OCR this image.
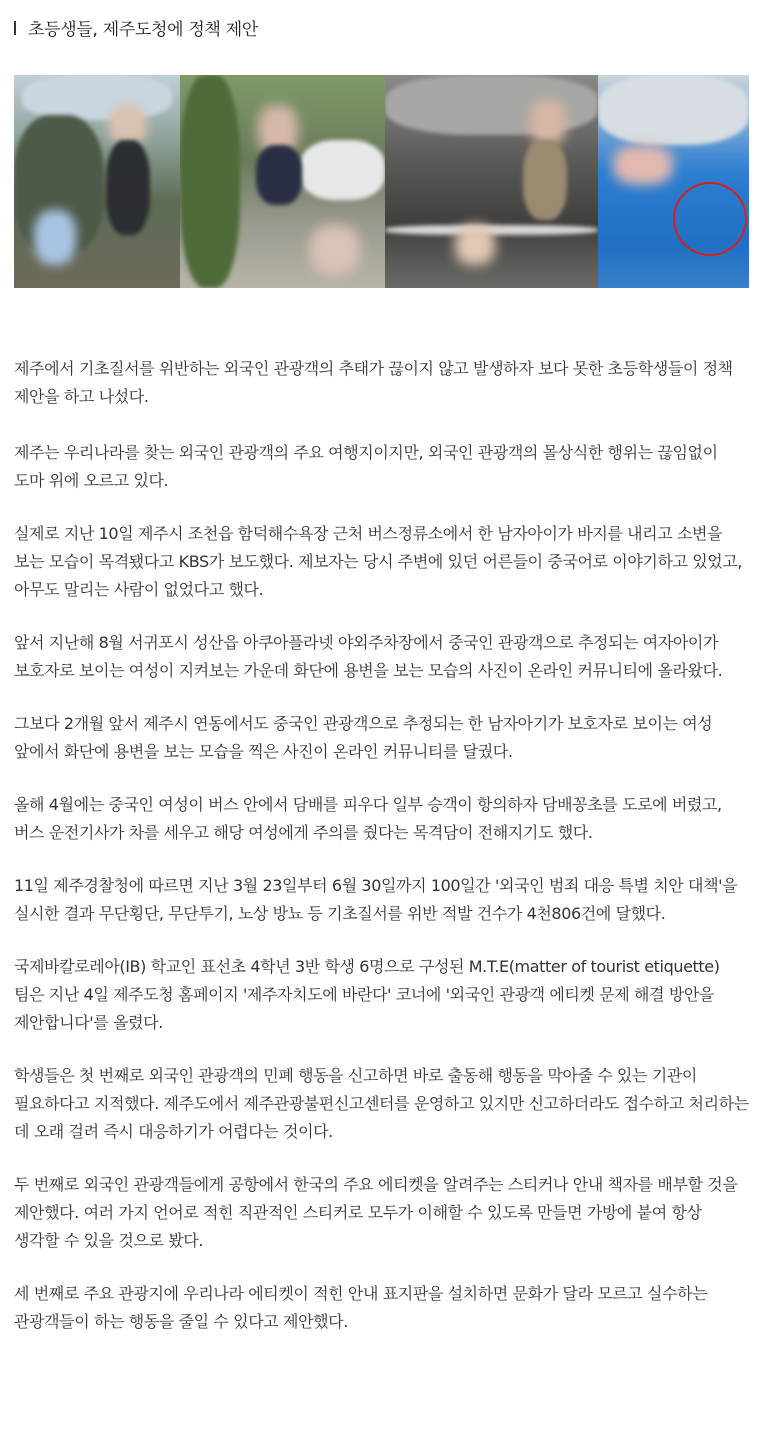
초등생들, 제주도청에 정책 제안

제주에서 기초질서를 위반하는 외국인 관광객의 추태가 끊이지 않고 발생하자 보다 못한 초등학생들이 정책 제안을 하고 나섰다.

제주는 우리나라를 찾는 외국인 관광객의 주요 여행지이지만, 외국인 관광객의 몰상식한 행위는 끊임없이 도마 위에 오르고 있다.

실제로 지난 10일 제주시 조천읍 함덕해수욕장 근처 버스정류소에서 한 남자아이가 바지를 내리고 소변을 보는 모습이 목격됐다고 KBS가 보도했다. 제보자는 당시 주변에 있던 어른들이 중국어로 이야기하고 있었고, 아무도 말리는 사람이 없었다고 했다.

앞서 지난해 8월 서귀포시 성산읍 아쿠아플라넷 야외주차장에서 중국인 관광객으로 추정되는 여자아이가 보호자로 보이는 여성이 지켜보는 가운데 화단에 용변을 보는 모습의 사진이 온라인 커뮤니티에 올라왔다.

그보다 2개월 앞서 제주시 연동에서도 중국인 관광객으로 추정되는 한 남자아기가 보호자로 보이는 여성 앞에서 화단에 용변을 보는 모습을 찍은 사진이 온라인 커뮤니티를 달궜다.

올해 4월에는 중국인 여성이 버스 안에서 담배를 피우다 일부 승객이 항의하자 담배꽁초를 도로에 버렸고, 버스 운전기사가 차를 세우고 해당 여성에게 주의를 줬다는 목격담이 전해지기도 했다.

11일 제주경찰청에 따르면 지난 3월 23일부터 6월 30일까지 100일간 '외국인 범죄 대응 특별 치안 대책'을 실시한 결과 무단횡단, 무단투기, 노상 방뇨 등 기초질서를 위반 적발 건수가 4천806건에 달했다.

국제바칼로레아(IB) 학교인 표선초 4학년 3반 학생 6명으로 구성된 M.T.E(matter of tourist etiquette) 팀은 지난 4일 제주도청 홈페이지 '제주자치도에 바란다' 코너에 '외국인 관광객 에티켓 문제 해결 방안을 제안합니다'를 올렸다.

학생들은 첫 번째로 외국인 관광객의 민폐 행동을 신고하면 바로 출동해 행동을 막아줄 수 있는 기관이 필요하다고 지적했다. 제주도에서 제주관광불편신고센터를 운영하고 있지만 신고하더라도 접수하고 처리하는 데 오래 걸려 즉시 대응하기가 어렵다는 것이다.

두 번째로 외국인 관광객들에게 공항에서 한국의 주요 에티켓을 알려주는 스티커나 안내 책자를 배부할 것을 제안했다. 여러 가지 언어로 적힌 직관적인 스티커로 모두가 이해할 수 있도록 만들면 가방에 붙여 항상 생각할 수 있을 것으로 봤다.

세 번째로 주요 관광지에 우리나라 에티켓이 적힌 안내 표지판을 설치하면 문화가 달라 모르고 실수하는 관광객들이 하는 행동을 줄일 수 있다고 제안했다.
